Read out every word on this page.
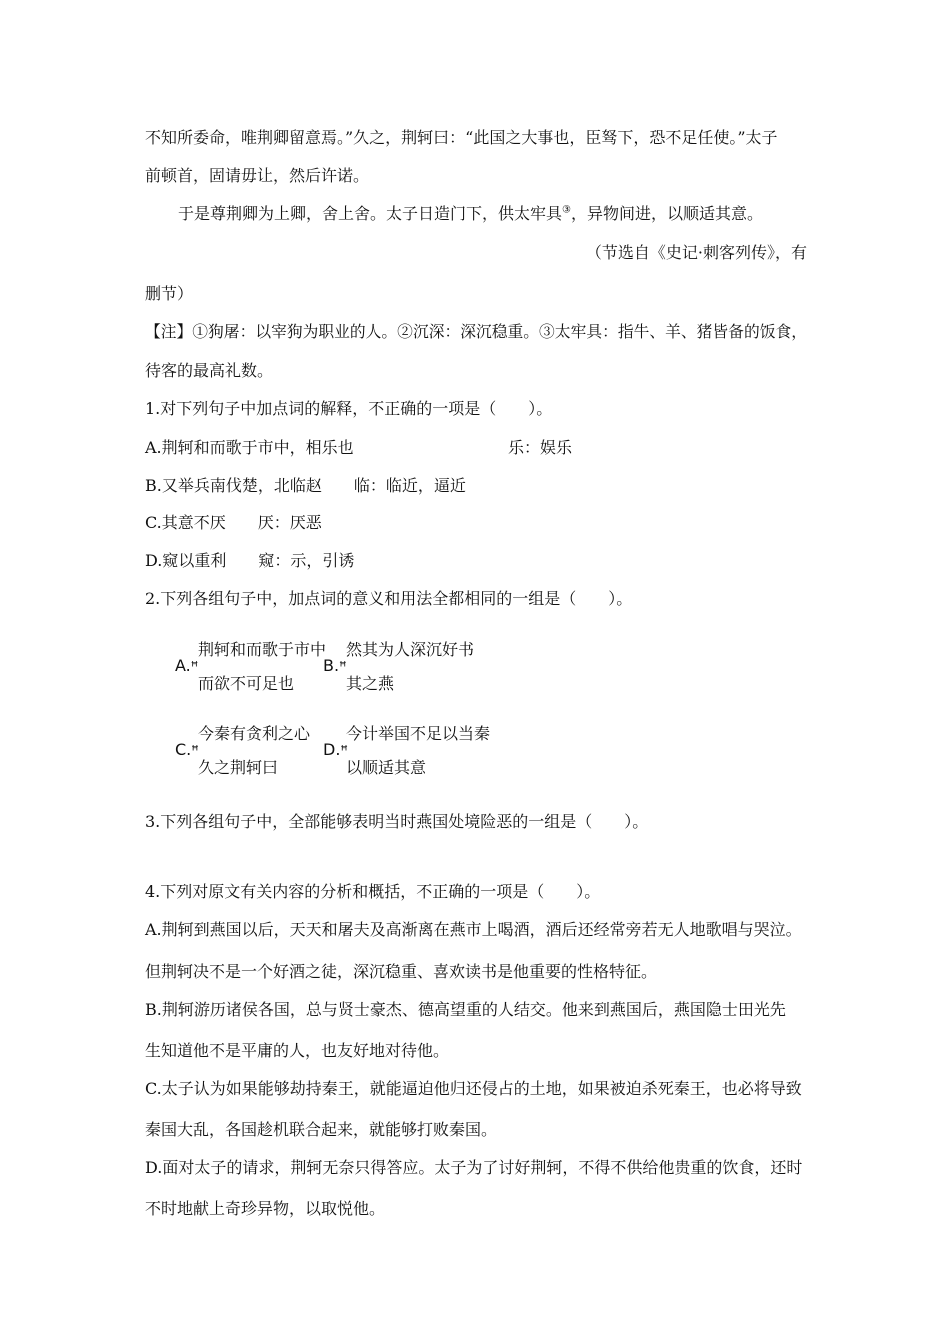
不知所委命，唯荆卿留意焉。”久之，荆轲曰：“此国之大事也，臣驽下，恐不足任使。”太子
前顿首，固请毋让，然后许诺。
于是尊荆卿为上卿，舍上舍。太子日造门下，供太牢具③，异物间进，以顺适其意。
（节选自《史记·刺客列传》，有
删节）
【注】①狗屠：以宰狗为职业的人。②沉深：深沉稳重。③太牢具：指牛、羊、猪皆备的饭食，
待客的最高礼数。
1.对下列句子中加点词的解释，不正确的一项是（　　）。
A.荆轲和而歌于市中，相乐也	乐：娱乐
B.又举兵南伐楚，北临赵　　临：临近，逼近
C.其意不厌　　厌：厌恶
D.窥以重利　　窥：示，引诱
2.下列各组句子中，加点词的意义和用法全都相同的一组是（　　）。
A.ꟸ
荆轲和而歌于市中
而欲不可足也
B.ꟸ
然其为人深沉好书
其之燕
C.ꟸ
今秦有贪利之心
久之荆轲曰
D.ꟸ
今计举国不足以当秦
以顺适其意
3.下列各组句子中，全部能够表明当时燕国处境险恶的一组是（　　）。
4.下列对原文有关内容的分析和概括，不正确的一项是（　　）。
A.荆轲到燕国以后，天天和屠夫及高渐离在燕市上喝酒，酒后还经常旁若无人地歌唱与哭泣。
但荆轲决不是一个好酒之徒，深沉稳重、喜欢读书是他重要的性格特征。
B.荆轲游历诸侯各国，总与贤士豪杰、德高望重的人结交。他来到燕国后，燕国隐士田光先
生知道他不是平庸的人，也友好地对待他。
C.太子认为如果能够劫持秦王，就能逼迫他归还侵占的土地，如果被迫杀死秦王，也必将导致
秦国大乱，各国趁机联合起来，就能够打败秦国。
D.面对太子的请求，荆轲无奈只得答应。太子为了讨好荆轲，不得不供给他贵重的饮食，还时
不时地献上奇珍异物，以取悦他。
